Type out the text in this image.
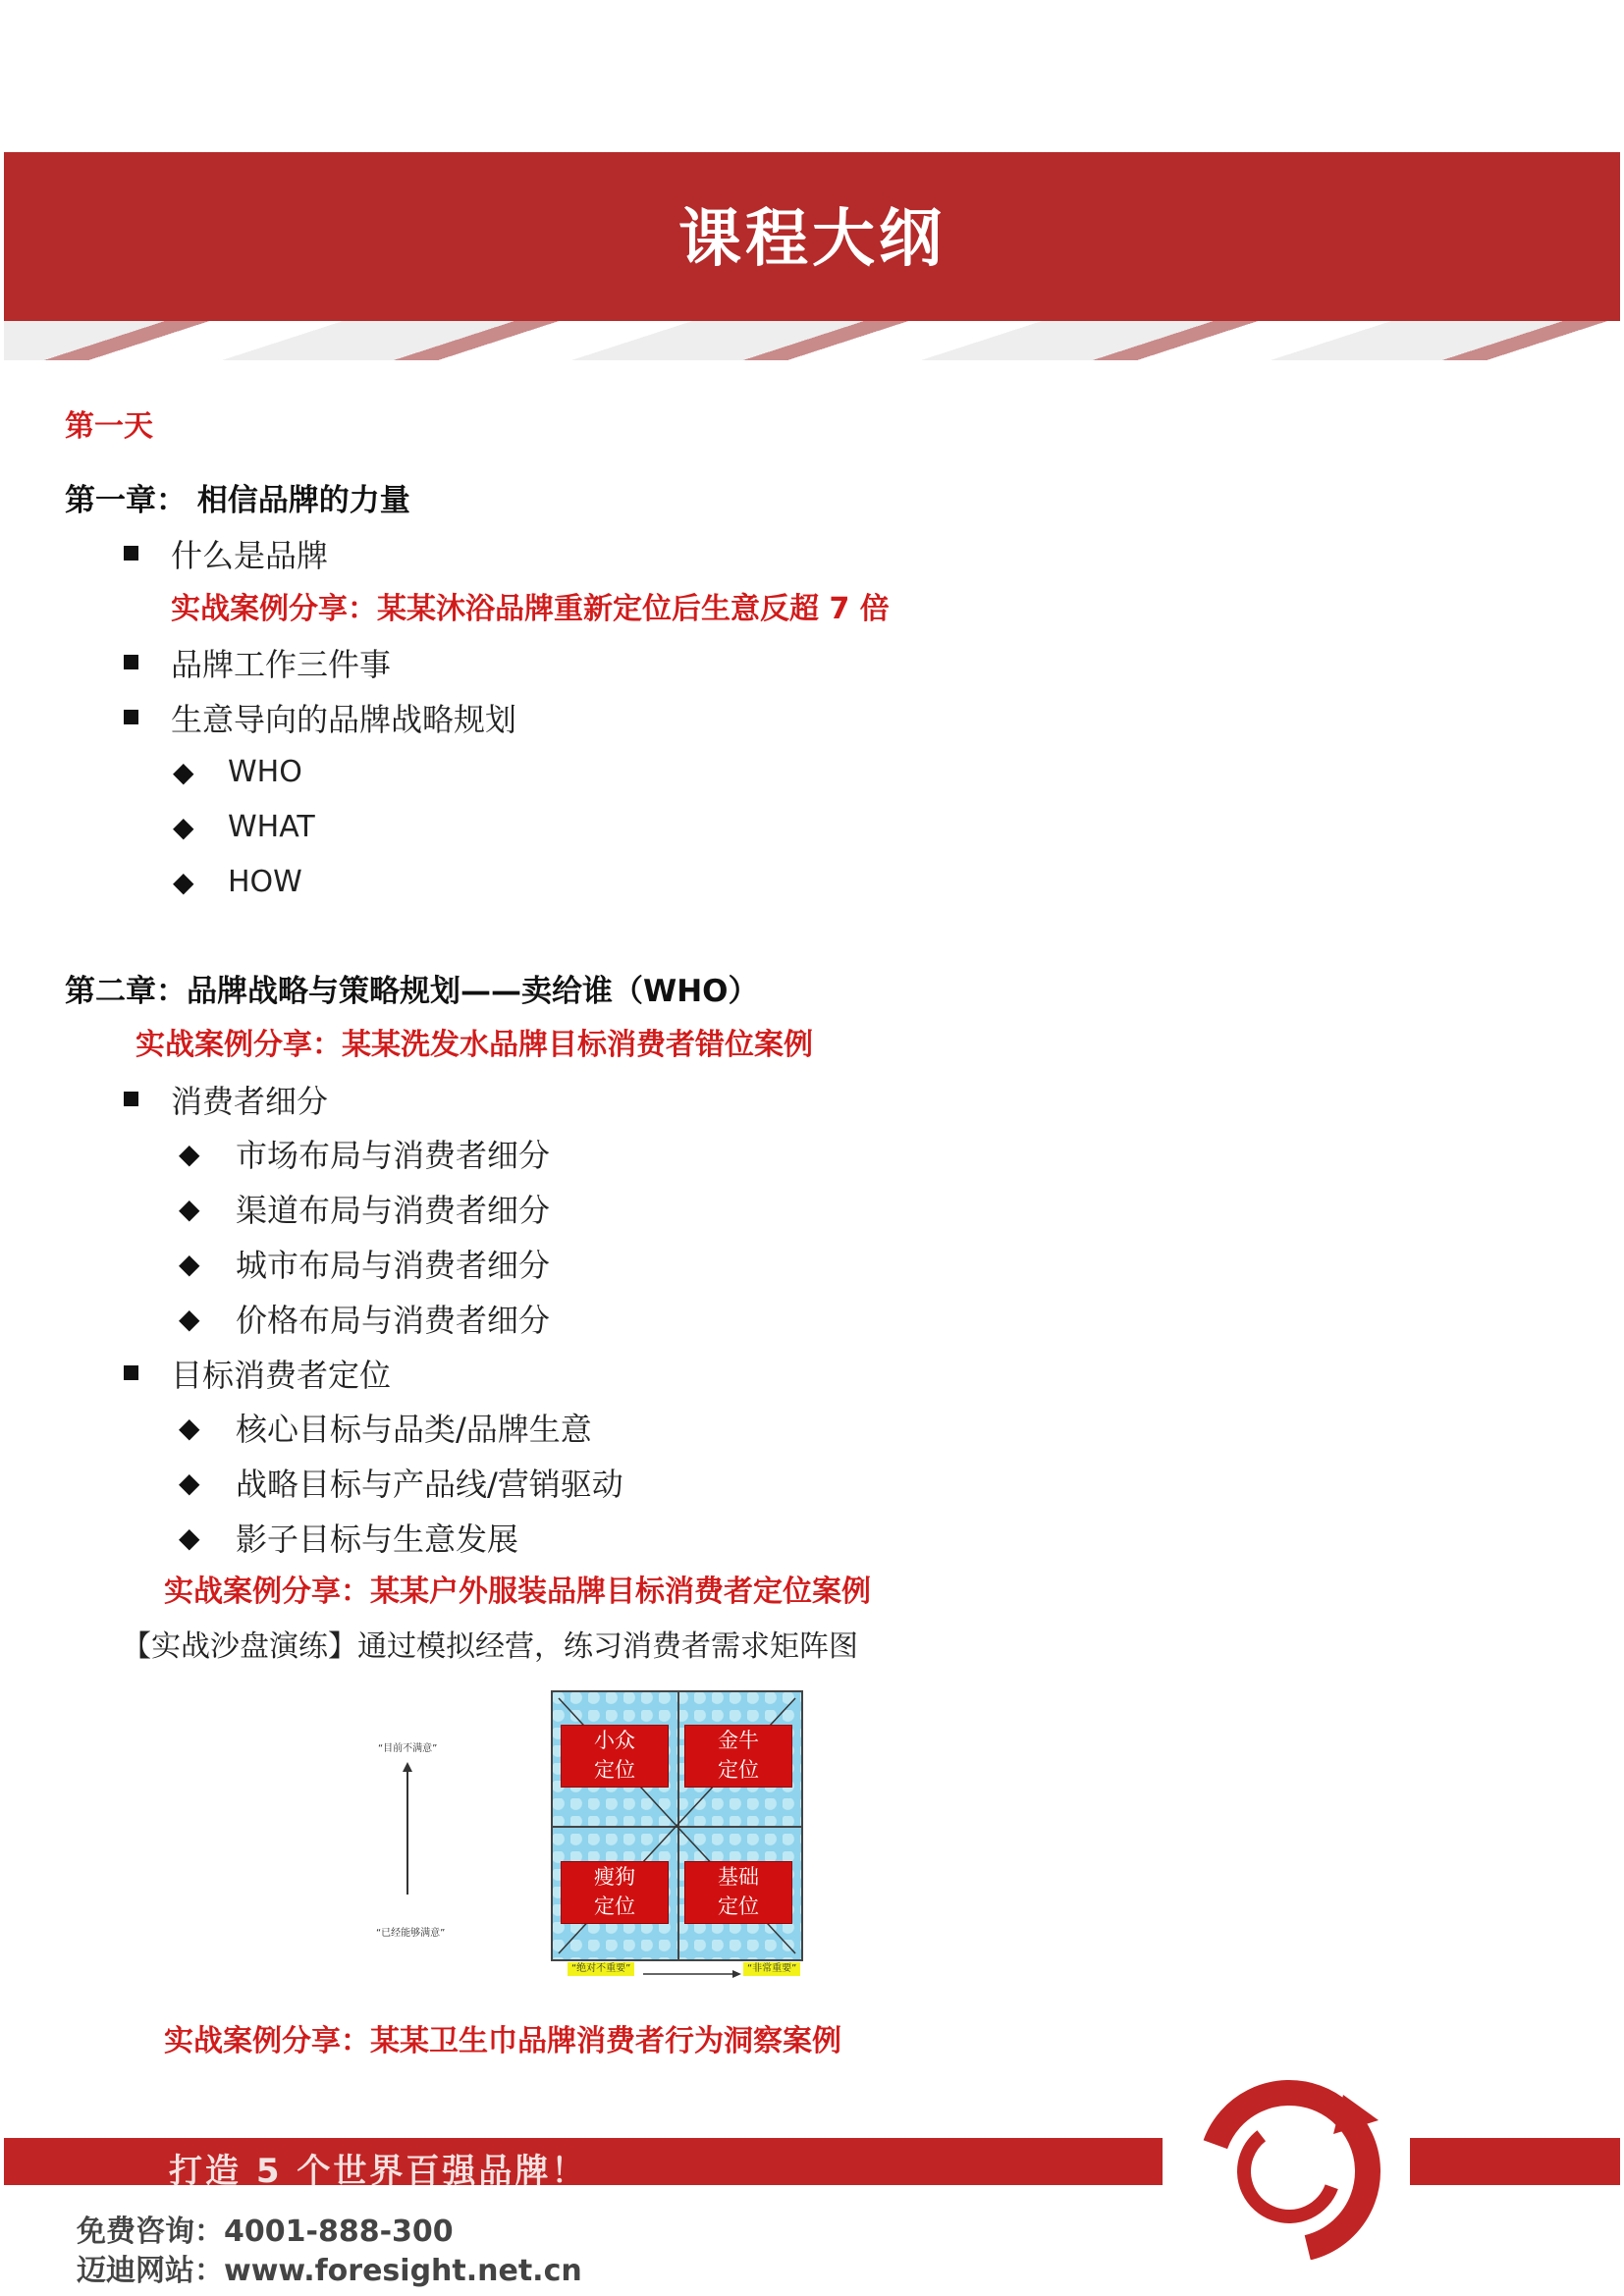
课程大纲
第一天
第一章： 相信品牌的力量
什么是品牌
实战案例分享：某某沐浴品牌重新定位后生意反超 7 倍
品牌工作三件事
生意导向的品牌战略规划
◆ WHO
◆ WHAT
◆ HOW
第二章：品牌战略与策略规划——卖给谁（WHO）
实战案例分享：某某洗发水品牌目标消费者错位案例
消费者细分
◆ 市场布局与消费者细分
◆ 渠道布局与消费者细分
◆ 城市布局与消费者细分
◆ 价格布局与消费者细分
目标消费者定位
◆ 核心目标与品类/品牌生意
◆ 战略目标与产品线/营销驱动
◆ 影子目标与生意发展
实战案例分享：某某户外服装品牌目标消费者定位案例
【实战沙盘演练】通过模拟经营，练习消费者需求矩阵图
“目前不满意”
“已经能够满意”
小众
定位
金牛
定位
瘦狗
定位
基础
定位
“绝对不重要”	“非常重要”
实战案例分享：某某卫生巾品牌消费者行为洞察案例
打造 5 个世界百强品牌！
免费咨询：4001-888-300
迈迪网站：www.foresight.net.cn
